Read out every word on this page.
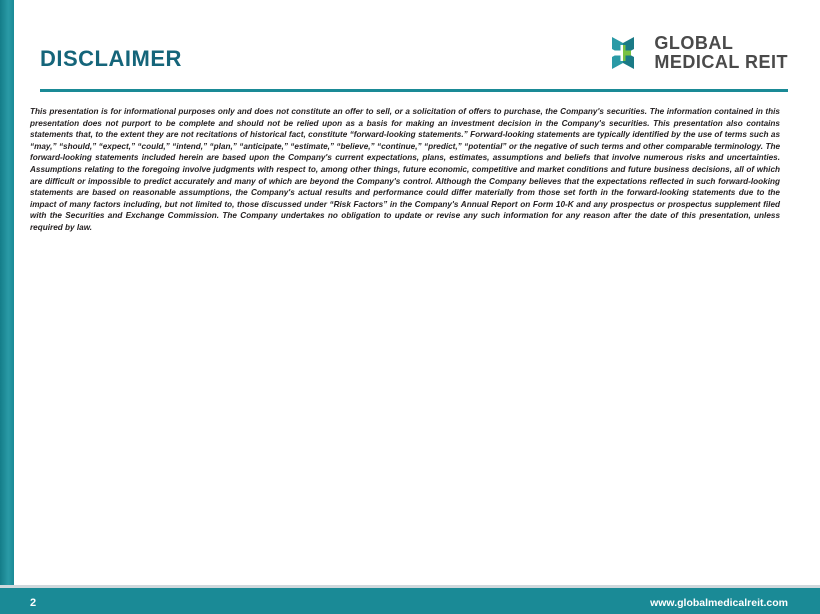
DISCLAIMER
GLOBAL
MEDICAL REIT
This presentation is for informational purposes only and does not constitute an offer to sell, or a solicitation of offers to purchase, the Company's securities. The information contained in this presentation does not purport to be complete and should not be relied upon as a basis for making an investment decision in the Company's securities. This presentation also contains statements that, to the extent they are not recitations of historical fact, constitute “forward-looking statements.” Forward-looking statements are typically identified by the use of terms such as “may,” “should,” “expect,” “could,” “intend,” “plan,” “anticipate,” “estimate,” “believe,” “continue,” “predict,” “potential” or the negative of such terms and other comparable terminology. The forward-looking statements included herein are based upon the Company's current expectations, plans, estimates, assumptions and beliefs that involve numerous risks and uncertainties. Assumptions relating to the foregoing involve judgments with respect to, among other things, future economic, competitive and market conditions and future business decisions, all of which are difficult or impossible to predict accurately and many of which are beyond the Company's control. Although the Company believes that the expectations reflected in such forward-looking statements are based on reasonable assumptions, the Company's actual results and performance could differ materially from those set forth in the forward-looking statements due to the impact of many factors including, but not limited to, those discussed under “Risk Factors” in the Company's Annual Report on Form 10-K and any prospectus or prospectus supplement filed with the Securities and Exchange Commission. The Company undertakes no obligation to update or revise any such information for any reason after the date of this presentation, unless required by law.
2	www.globalmedicalreit.com
